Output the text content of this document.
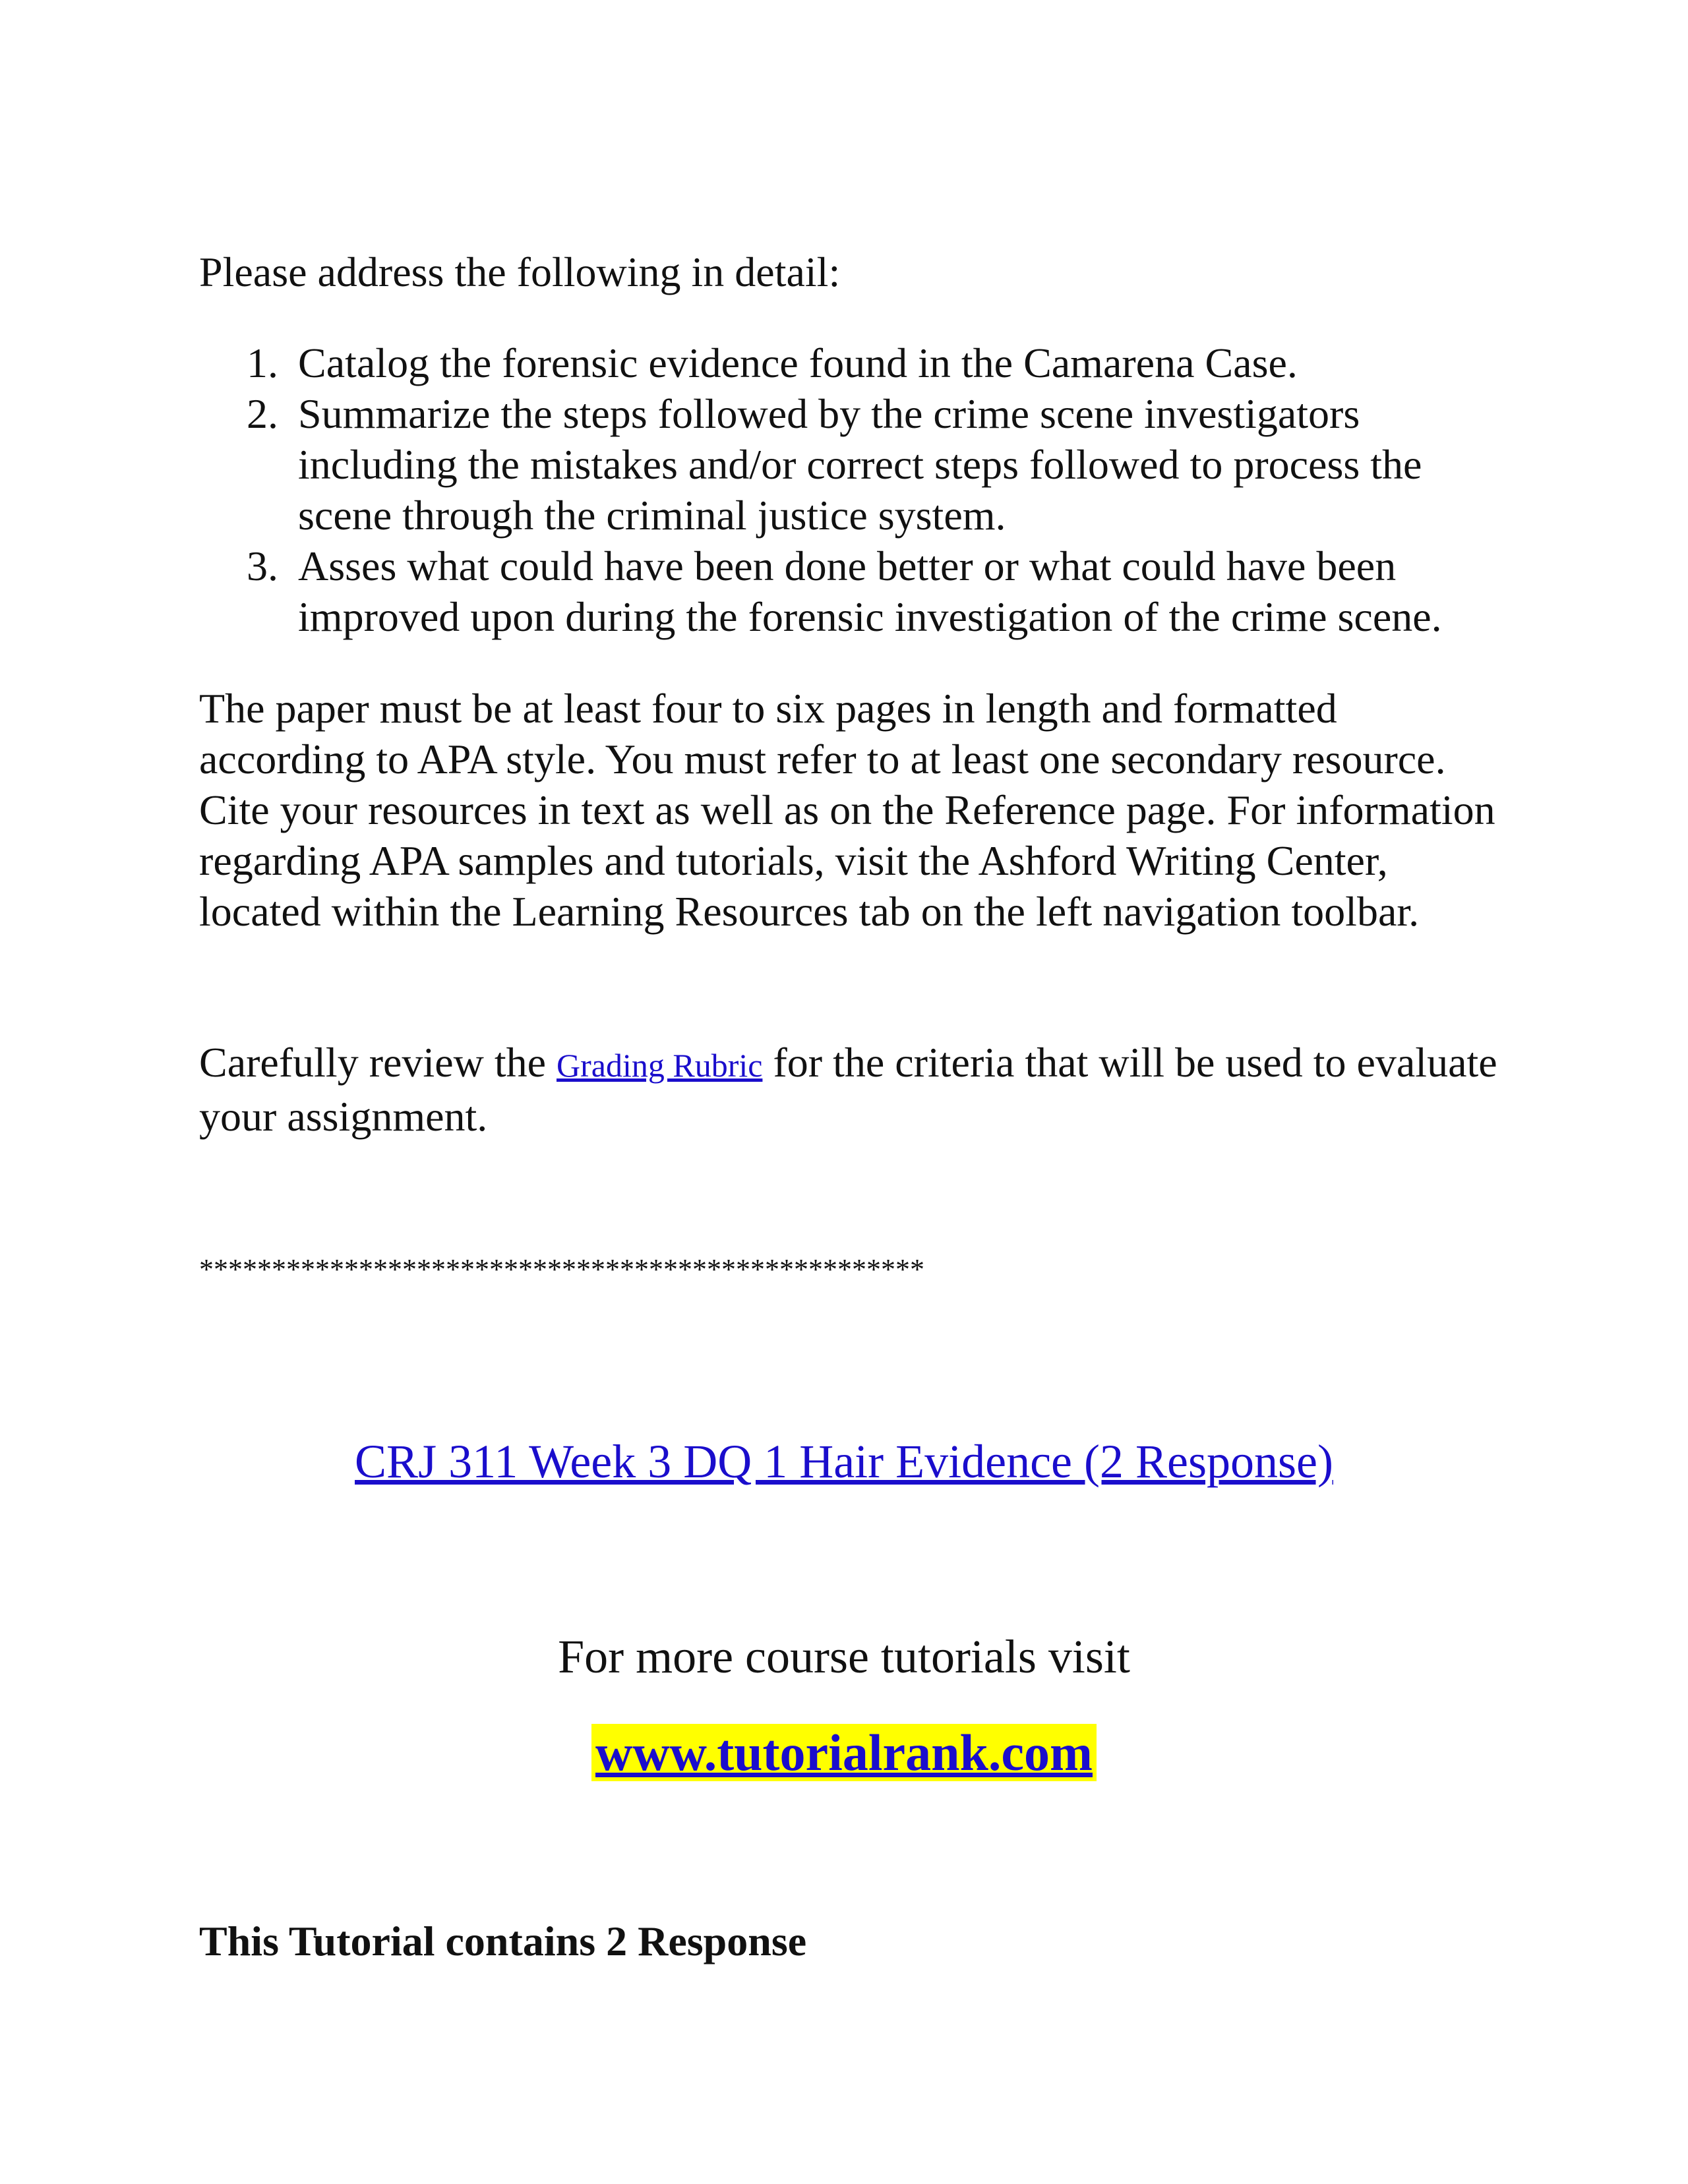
Please address the following in detail:

1. Catalog the forensic evidence found in the Camarena Case.
2. Summarize the steps followed by the crime scene investigators including the mistakes and/or correct steps followed to process the scene through the criminal justice system.
3. Asses what could have been done better or what could have been improved upon during the forensic investigation of the crime scene.

The paper must be at least four to six pages in length and formatted according to APA style. You must refer to at least one secondary resource. Cite your resources in text as well as on the Reference page. For information regarding APA samples and tutorials, visit the Ashford Writing Center, located within the Learning Resources tab on the left navigation toolbar.

Carefully review the Grading Rubric for the criteria that will be used to evaluate your assignment.

**************************************************
CRJ 311 Week 3 DQ 1 Hair Evidence (2 Response)
For more course tutorials visit
www.tutorialrank.com
This Tutorial contains 2 Response
